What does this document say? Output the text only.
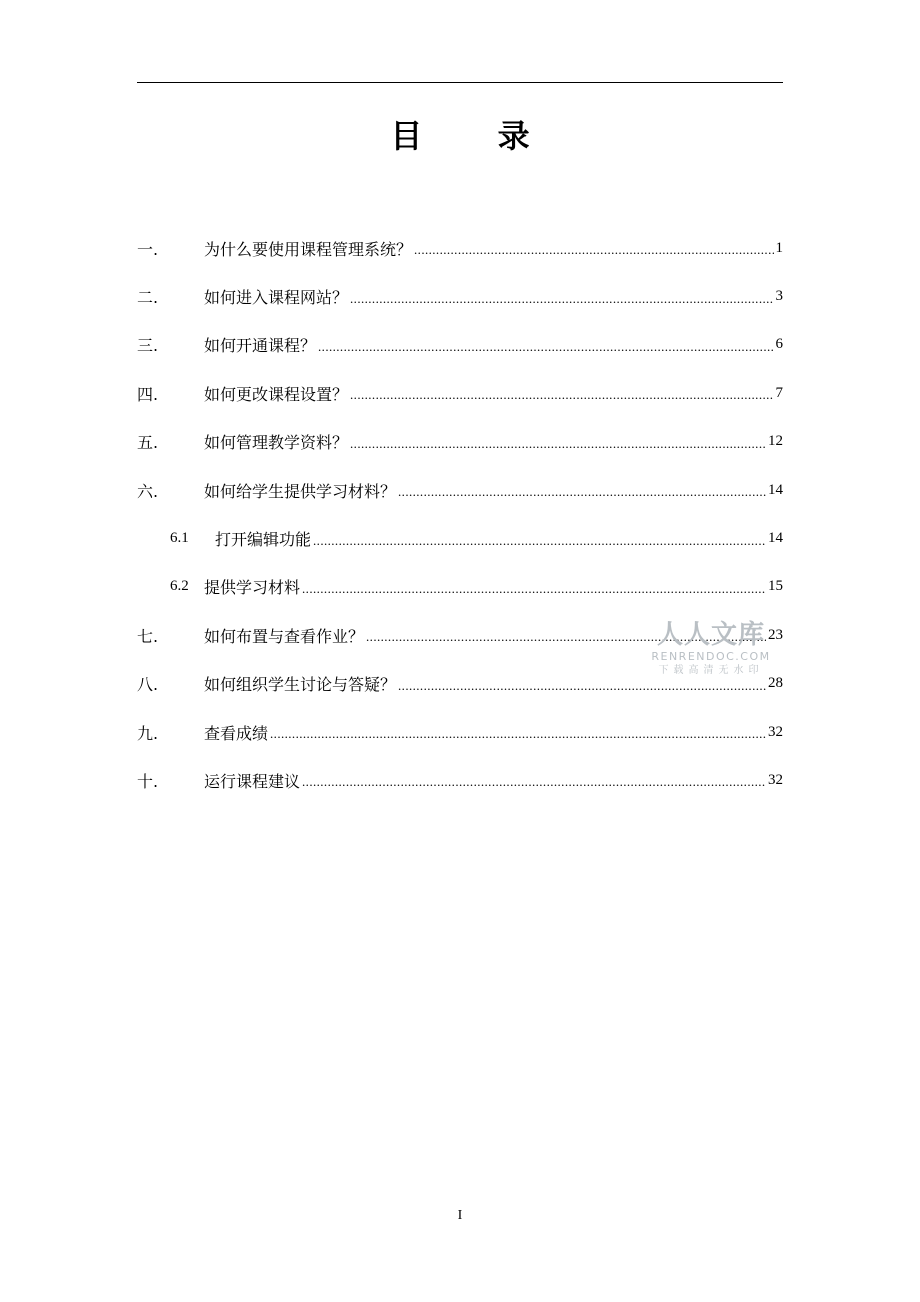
目 录
一.	为什么要使用课程管理系统？ .....	1
二.	如何进入课程网站？ .....	3
三.	如何开通课程？ .....	6
四.	如何更改课程设置？ .....	7
五.	如何管理教学资料？ .....	12
六.	如何给学生提供学习材料？ .....	14
6.1	打开编辑功能 .....	14
6.2 提供学习材料 .....	15
七.	如何布置与查看作业？ .....	23
八.	如何组织学生讨论与答疑？ .....	28
九.	查看成绩 .....	32
十.	运行课程建议 .....	32
人人文库
RENRENDOC.COM
下载高清无水印
I
